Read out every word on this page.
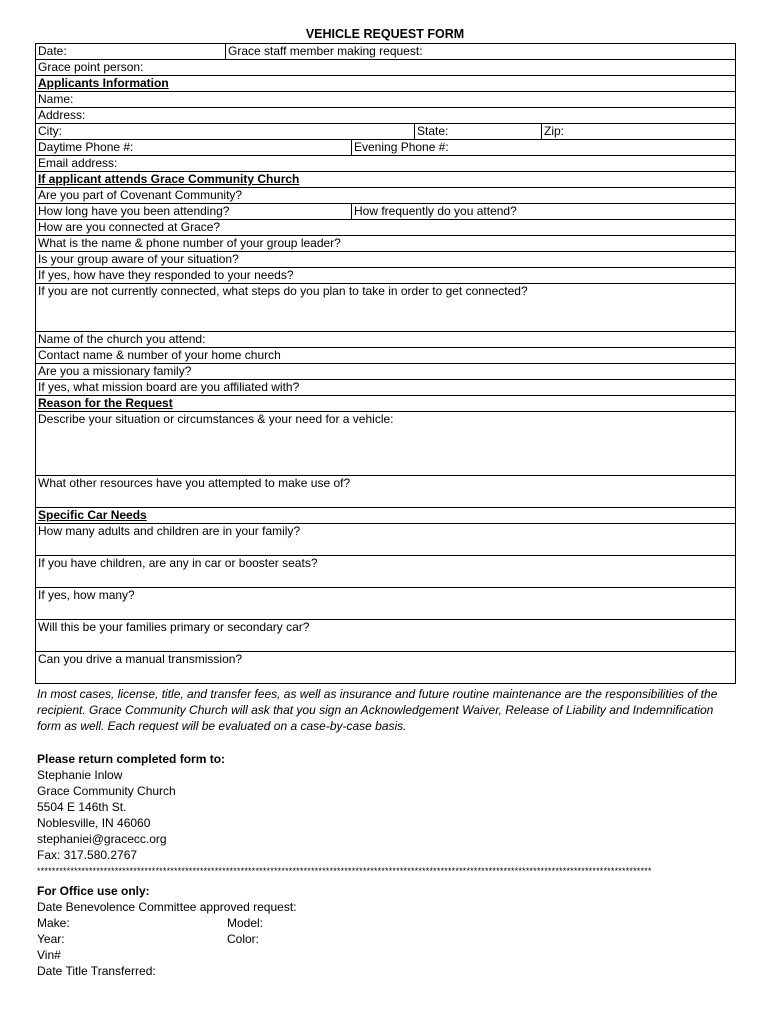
VEHICLE REQUEST FORM
Date:	Grace staff member making request:			
Grace point person:				
Applicants Information				
Name:				
Address:				
City:			State:	Zip:
Daytime Phone #:		Evening Phone #:		
Email address:				
If applicant attends Grace Community Church				
Are you part of Covenant Community?				
How long have you been attending?		How frequently do you attend?		
How are you connected at Grace?				
What is the name & phone number of your group leader?				
Is your group aware of your situation?				
If yes, how have they responded to your needs?				
If you are not currently connected, what steps do you plan to take in order to get connected?				
Name of the church you attend:				
Contact name & number of your home church				
Are you a missionary family?				
If yes, what mission board are you affiliated with?				
Reason for the Request				
Describe your situation or circumstances & your need for a vehicle:				
What other resources have you attempted to make use of?				
Specific Car Needs				
How many adults and children are in your family?				
If you have children, are any in car or booster seats?				
If yes, how many?				
Will this be your families primary or secondary car?				
Can you drive a manual transmission?				
In most cases, license, title, and transfer fees, as well as insurance and future routine maintenance are the responsibilities of the recipient. Grace Community Church will ask that you sign an Acknowledgement Waiver, Release of Liability and Indemnification form as well. Each request will be evaluated on a case-by-case basis.
Please return completed form to:
Stephanie Inlow
Grace Community Church
5504 E 146th St.
Noblesville, IN 46060
stephaniei@gracecc.org
Fax: 317.580.2767
**********************************************************************************************************************************************************************
For Office use only:
Date Benevolence Committee approved request:
Make:	Model:
Year:	Color:
Vin#
Date Title Transferred:
